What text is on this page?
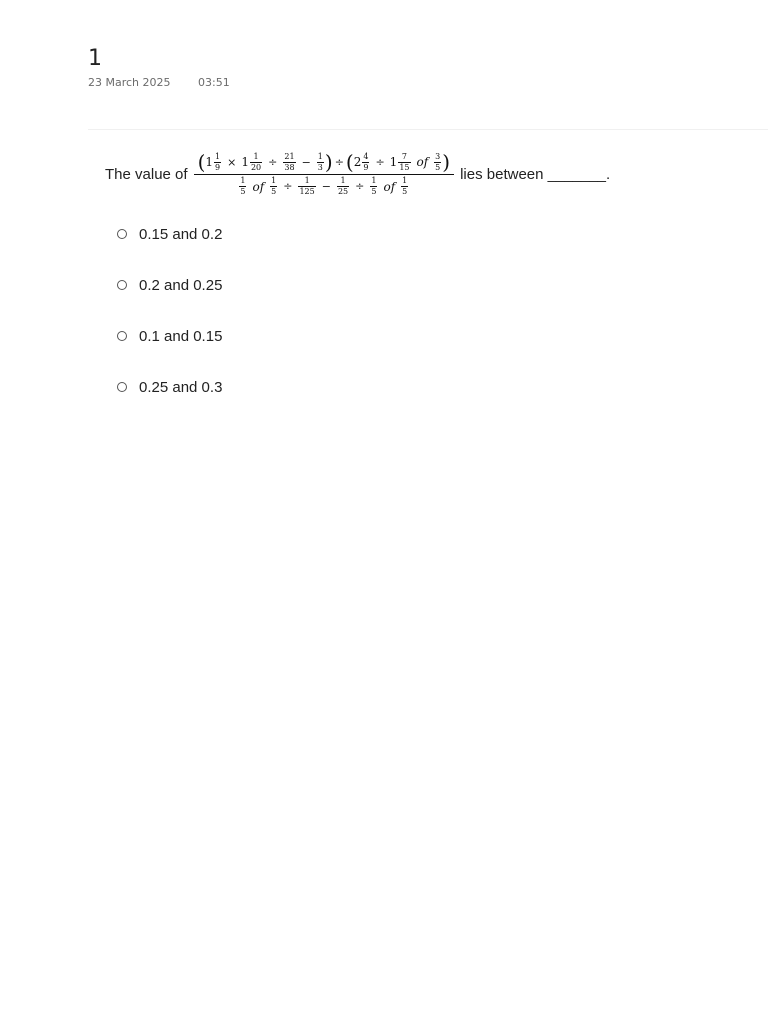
1
23 March 2025	03:51
The value of ( $1 \frac{1}{9} \times 1 \frac{1}{20} \div \frac{21}{38} - \frac{1}{3}$ ) ÷ ( $2 \frac{4}{9} \div 1 \frac{7}{15}$ of $\frac{3}{5}$ )
$\frac{1}{5}$ of $\frac{1}{5} \div \frac{1}{125} - \frac{1}{25} \div \frac{1}{5}$ of $\frac{1}{5}$
lies between _______.
0.15 and 0.2
0.2 and 0.25
0.1 and 0.15
0.25 and 0.3
